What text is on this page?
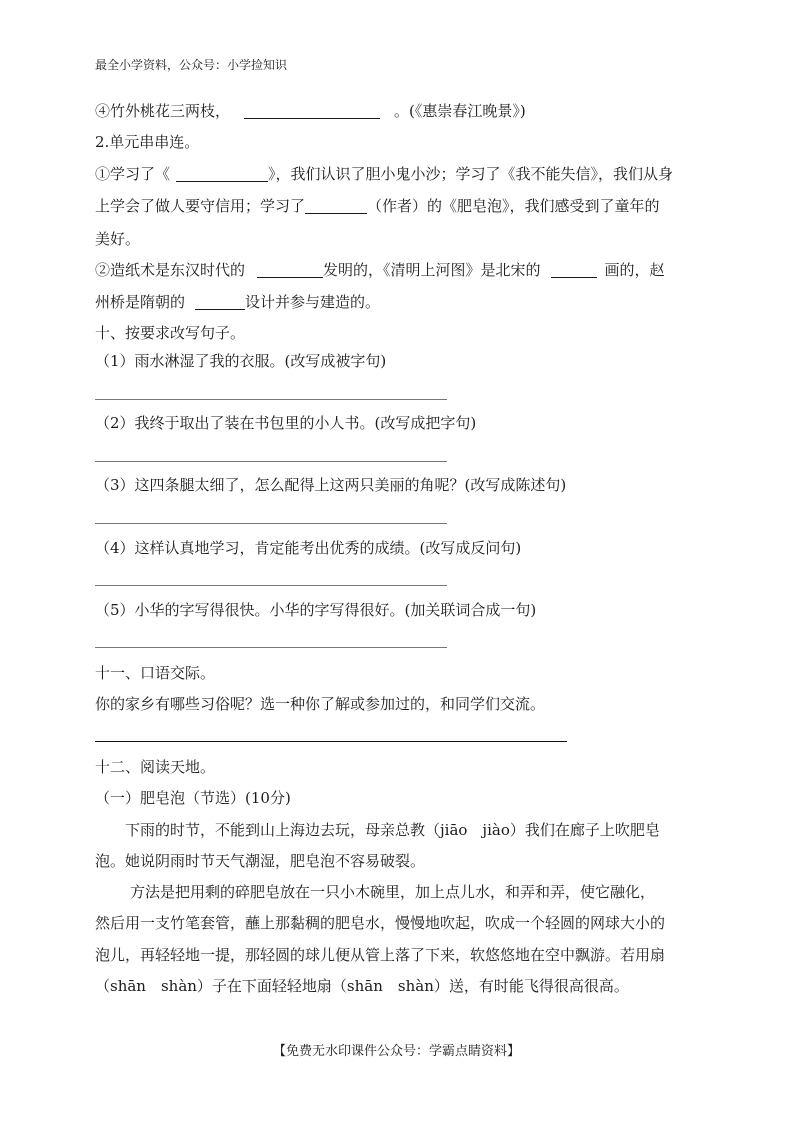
最全小学资料，公众号：小学捡知识
④竹外桃花三两枝，	。(《惠崇春江晚景》)
2.单元串串连。
①学习了《	》，我们认识了胆小鬼小沙；学习了《我不能失信》，我们从身
上学会了做人要守信用；学习了	（作者）的《肥皂泡》，我们感受到了童年的
美好。
②造纸术是东汉时代的	发明的，《清明上河图》是北宋的	画的，赵
州桥是隋朝的	设计并参与建造的。
十、按要求改写句子。
（1）雨水淋湿了我的衣服。(改写成被字句)
（2）我终于取出了装在书包里的小人书。(改写成把字句)
（3）这四条腿太细了，怎么配得上这两只美丽的角呢？(改写成陈述句)
（4）这样认真地学习，肯定能考出优秀的成绩。(改写成反问句)
（5）小华的字写得很快。小华的字写得很好。(加关联词合成一句)
十一、口语交际。
你的家乡有哪些习俗呢？选一种你了解或参加过的，和同学们交流。
十二、阅读天地。
（一）肥皂泡（节选）(10分)
下雨的时节，不能到山上海边去玩，母亲总教（jiāo　jiào）我们在廊子上吹肥皂
泡。她说阴雨时节天气潮湿，肥皂泡不容易破裂。
方法是把用剩的碎肥皂放在一只小木碗里，加上点儿水，和弄和弄，使它融化，
然后用一支竹笔套管，蘸上那黏稠的肥皂水，慢慢地吹起，吹成一个轻圆的网球大小的
泡儿，再轻轻地一提，那轻圆的球儿便从管上落了下来，软悠悠地在空中飘游。若用扇
（shān　shàn）子在下面轻轻地扇（shān　shàn）送，有时能飞得很高很高。
【免费无水印课件公众号：学霸点睛资料】
